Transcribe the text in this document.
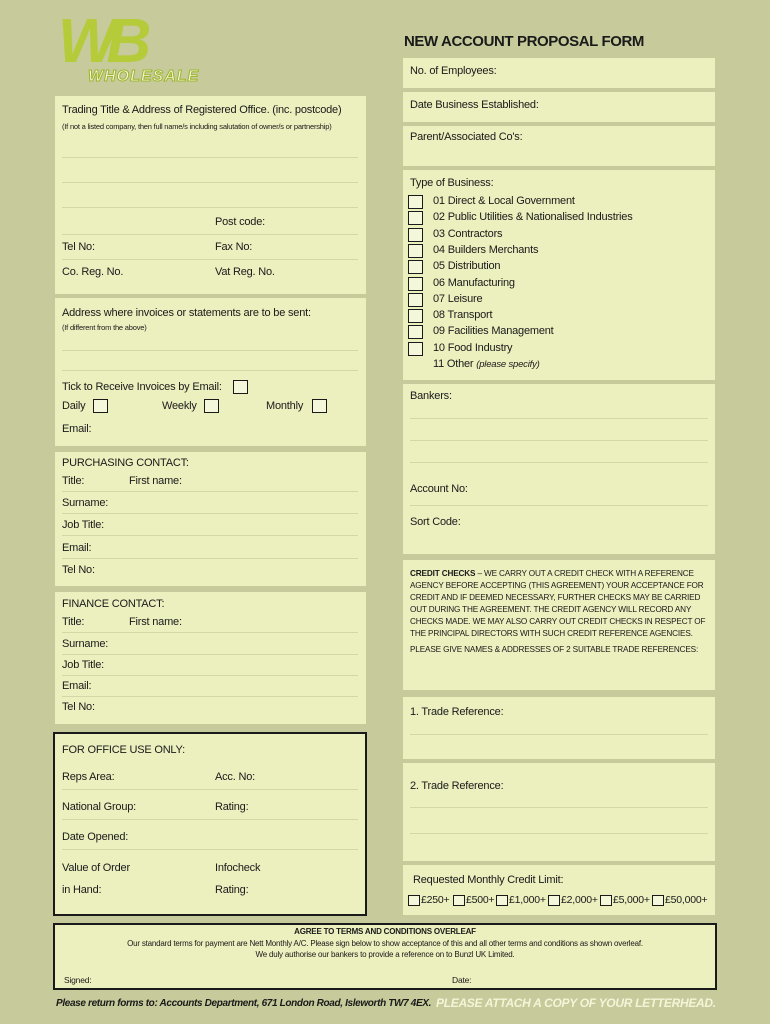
WB
WHOLESALE
NEW ACCOUNT PROPOSAL FORM
No. of Employees:
Date Business Established:
Parent/Associated Co's:
Type of Business:
01 Direct & Local Government
02 Public Utilities & Nationalised Industries
03 Contractors
04 Builders Merchants
05 Distribution
06 Manufacturing
07 Leisure
08 Transport
09 Facilities Management
10 Food Industry
11 Other (please specify)
Bankers:
Account No:
Sort Code:

CREDIT CHECKS – WE CARRY OUT A CREDIT CHECK WITH A REFERENCE AGENCY BEFORE ACCEPTING (THIS AGREEMENT) YOUR ACCEPTANCE FOR CREDIT AND IF DEEMED NECESSARY, FURTHER CHECKS MAY BE CARRIED OUT DURING THE AGREEMENT. THE CREDIT AGENCY WILL RECORD ANY CHECKS MADE. WE MAY ALSO CARRY OUT CREDIT CHECKS IN RESPECT OF THE PRINCIPAL DIRECTORS WITH SUCH CREDIT REFERENCE AGENCIES.

PLEASE GIVE NAMES & ADDRESSES OF 2 SUITABLE TRADE REFERENCES:

1. Trade Reference:
2. Trade Reference:
Requested Monthly Credit Limit:
£250+ £500+ £1,000+ £2,000+ £5,000+ £50,000+
Trading Title & Address of Registered Office. (inc. postcode)
(If not a listed company, then full name/s including salutation of owner/s or partnership)
Post code:
Tel No:	Fax No:
Co. Reg. No.	Vat Reg. No.
Address where invoices or statements are to be sent:
(If different from the above)
Tick to Receive Invoices by Email:
Daily	Weekly	Monthly
Email:
PURCHASING CONTACT:
Title:	First name:
Surname:
Job Title:
Email:
Tel No:
FINANCE CONTACT:
Title:	First name:
Surname:
Job Title:
Email:
Tel No:
FOR OFFICE USE ONLY:
Reps Area:	Acc. No:
National Group:	Rating:
Date Opened:
Value of Order	Infocheck
in Hand:	Rating:
AGREE TO TERMS AND CONDITIONS OVERLEAF
Our standard terms for payment are Nett Monthly A/C. Please sign below to show acceptance of this and all other terms and conditions as shown overleaf.
We duly authorise our bankers to provide a reference on to Bunzl UK Limited.
Signed:	Date:
Please return forms to: Accounts Department, 671 London Road, Isleworth TW7 4EX. PLEASE ATTACH A COPY OF YOUR LETTERHEAD.
